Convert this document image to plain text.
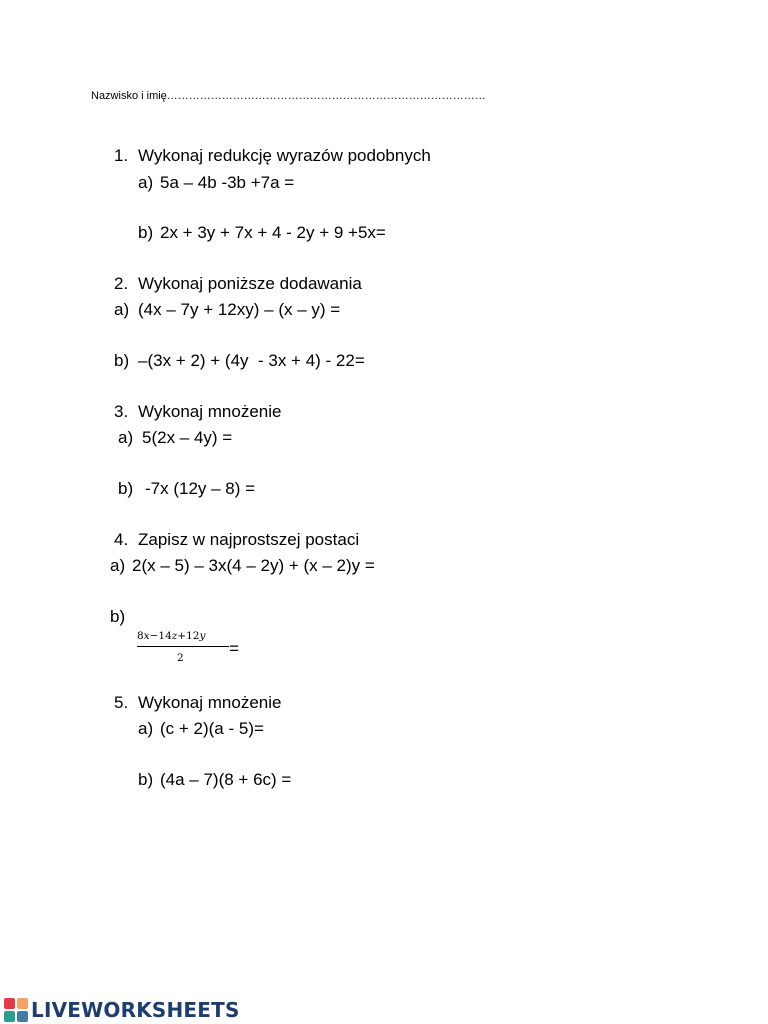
Nazwisko i imię……………………………………………………………………………
1. Wykonaj redukcję wyrazów podobnych
a) 5a – 4b -3b +7a =
b) 2x + 3y + 7x + 4 - 2y + 9 +5x=
2. Wykonaj poniższe dodawania
a) (4x – 7y + 12xy) – (x – y) =
b) –(3x + 2) + (4y  - 3x + 4) - 22=
3. Wykonaj mnożenie
a) 5(2x – 4y) =
b) -7x (12y – 8) =
4. Zapisz w najprostszej postaci
a) 2(x – 5) – 3x(4 – 2y) + (x – 2)y =
b)
8𝑥−14𝑧+12𝑦
2	=
5. Wykonaj mnożenie
a) (c + 2)(a - 5)=
b) (4a – 7)(8 + 6c) =
LIVEWORKSHEETS
